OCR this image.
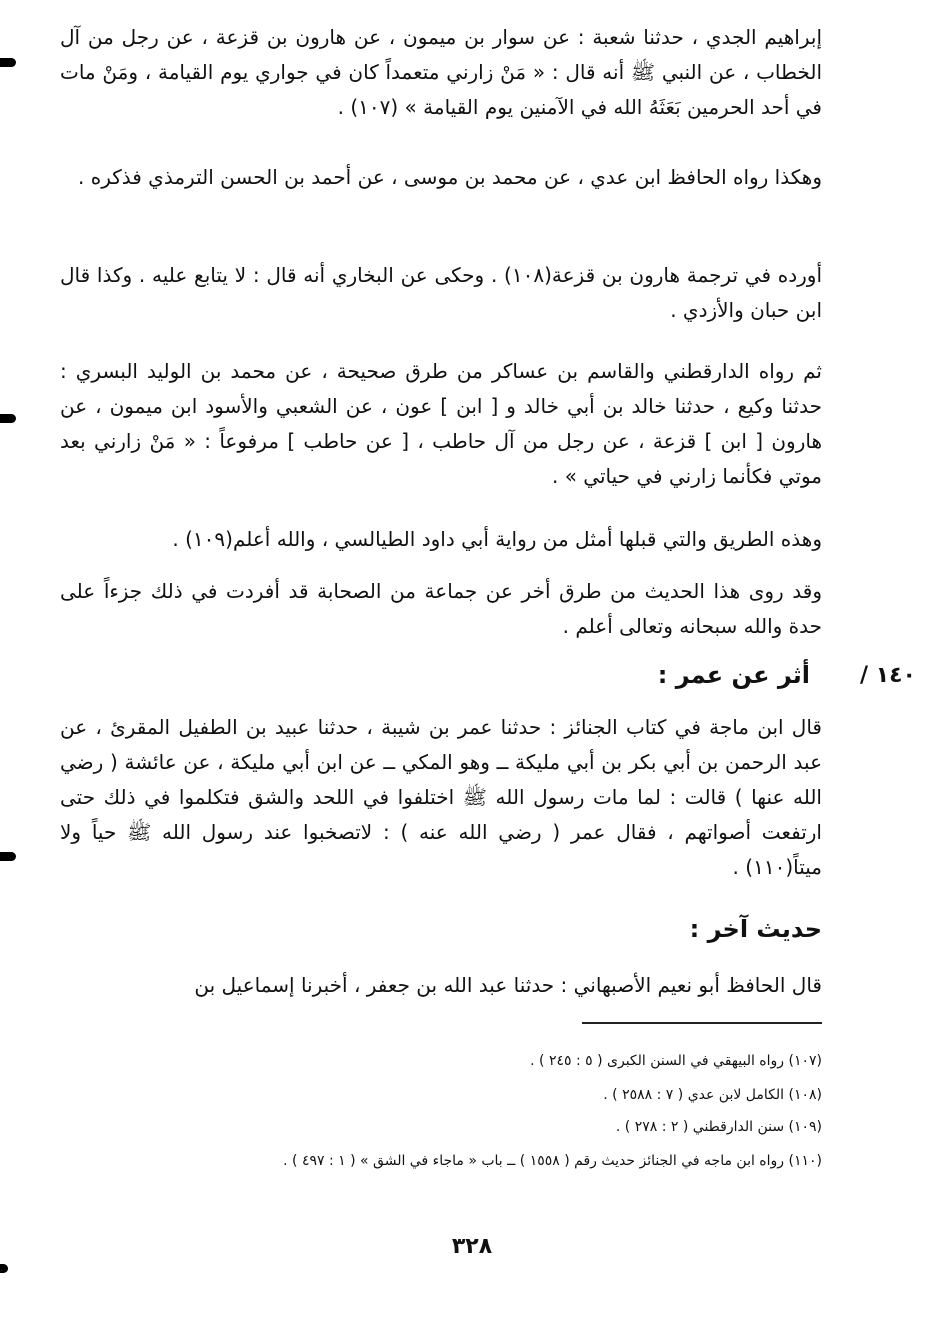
إبراهيم الجدي ، حدثنا شعبة : عن سوار بن ميمون ، عن هارون بن قزعة ، عن رجل من آل الخطاب ، عن النبي ﷺ أنه قال : « مَنْ زارني متعمداً كان في جواري يوم القيامة ، ومَنْ مات في أحد الحرمين بَعَثَهُ الله في الآمنين يوم القيامة » (١٠٧) .

وهكذا رواه الحافظ ابن عدي ، عن محمد بن موسى ، عن أحمد بن الحسن الترمذي فذكره .

أورده في ترجمة هارون بن قزعة(١٠٨) . وحكى عن البخاري أنه قال : لا يتابع عليه . وكذا قال ابن حبان والأزدي .

ثم رواه الدارقطني والقاسم بن عساكر من طرق صحيحة ، عن محمد بن الوليد البسري : حدثنا وكيع ، حدثنا خالد بن أبي خالد و [ ابن ] عون ، عن الشعبي والأسود ابن ميمون ، عن هارون [ ابن ] قزعة ، عن رجل من آل حاطب ، [ عن حاطب ] مرفوعاً : « مَنْ زارني بعد موتي فكأنما زارني في حياتي » .

وهذه الطريق والتي قبلها أمثل من رواية أبي داود الطيالسي ، والله أعلم(١٠٩) .

وقد روى هذا الحديث من طرق أخر عن جماعة من الصحابة قد أفردت في ذلك جزءاً على حدة والله سبحانه وتعالى أعلم .

١٤٠ /
أثر عن عمر :

قال ابن ماجة في كتاب الجنائز : حدثنا عمر بن شيبة ، حدثنا عبيد بن الطفيل المقرئ ، عن عبد الرحمن بن أبي بكر بن أبي مليكة ــ وهو المكي ــ عن ابن أبي مليكة ، عن عائشة ( رضي الله عنها ) قالت : لما مات رسول الله ﷺ اختلفوا في اللحد والشق فتكلموا في ذلك حتى ارتفعت أصواتهم ، فقال عمر ( رضي الله عنه ) : لاتصخبوا عند رسول الله ﷺ حياً ولا ميتاً(١١٠) .

حديث آخر :

قال الحافظ أبو نعيم الأصبهاني : حدثنا عبد الله بن جعفر ، أخبرنا إسماعيل بن

(١٠٧) رواه البيهقي في السنن الكبرى ( ٥ : ٢٤٥ ) .

(١٠٨) الكامل لابن عدي ( ٧ : ٢٥٨٨ ) .

(١٠٩) سنن الدارقطني ( ٢ : ٢٧٨ ) .

(١١٠) رواه ابن ماجه في الجنائز حديث رقم ( ١٥٥٨ ) ــ باب « ماجاء في الشق » ( ١ : ٤٩٧ ) .

٣٢٨
